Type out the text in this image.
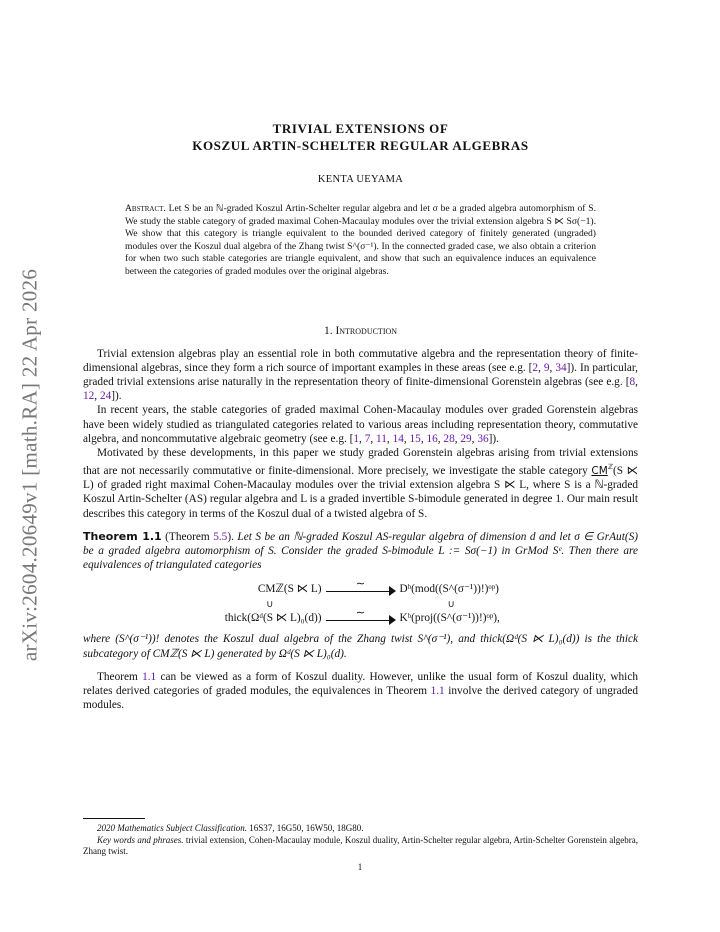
arXiv:2604.20649v1 [math.RA] 22 Apr 2026
TRIVIAL EXTENSIONS OF
KOSZUL ARTIN-SCHELTER REGULAR ALGEBRAS
KENTA UEYAMA
Abstract. Let S be an ℕ-graded Koszul Artin-Schelter regular algebra and let σ be a graded algebra automorphism of S. We study the stable category of graded maximal Cohen-Macaulay modules over the trivial extension algebra S ⋉ Sσ(−1). We show that this category is triangle equivalent to the bounded derived category of finitely generated (ungraded) modules over the Koszul dual algebra of the Zhang twist S^(σ⁻¹). In the connected graded case, we also obtain a criterion for when two such stable categories are triangle equivalent, and show that such an equivalence induces an equivalence between the categories of graded modules over the original algebras.
1. Introduction

Trivial extension algebras play an essential role in both commutative algebra and the representation theory of finite-dimensional algebras, since they form a rich source of important examples in these areas (see e.g. [2, 9, 34]). In particular, graded trivial extensions arise naturally in the representation theory of finite-dimensional Gorenstein algebras (see e.g. [8, 12, 24]).

In recent years, the stable categories of graded maximal Cohen-Macaulay modules over graded Gorenstein algebras have been widely studied as triangulated categories related to various areas including representation theory, commutative algebra, and noncommutative algebraic geometry (see e.g. [1, 7, 11, 14, 15, 16, 28, 29, 36]).

Motivated by these developments, in this paper we study graded Gorenstein algebras arising from trivial extensions that are not necessarily commutative or finite-dimensional. More precisely, we investigate the stable category $CM^ℤ(S$ ⋉ L) of graded right maximal Cohen-Macaulay modules over the trivial extension algebra S ⋉ L, where S is a ℕ-graded Koszul Artin-Schelter (AS) regular algebra and L is a graded invertible S-bimodule generated in degree 1. Our main result describes this category in terms of the Koszul dual of a twisted algebra of S.

Theorem 1.1 (Theorem 5.5). Let S be an ℕ-graded Koszul AS-regular algebra of dimension d and let σ ∈ GrAut(S) be a graded algebra automorphism of S. Consider the graded S-bimodule L := Sσ(−1) in GrMod Sᵉ. Then there are equivalences of triangulated categories
CMℤ(S ⋉ L)	∼	Dᵇ(mod((S^(σ⁻¹))!)ᵒᵖ)
∪	∪
thick(Ωᵈ(S ⋉ L)₀(d))	∼	Kᵇ(proj((S^(σ⁻¹))!)ᵒᵖ),
where (S^(σ⁻¹))! denotes the Koszul dual algebra of the Zhang twist S^(σ⁻¹), and thick(Ωᵈ(S ⋉ L)₀(d)) is the thick subcategory of CMℤ(S ⋉ L) generated by Ωᵈ(S ⋉ L)₀(d).

Theorem 1.1 can be viewed as a form of Koszul duality. However, unlike the usual form of Koszul duality, which relates derived categories of graded modules, the equivalences in Theorem 1.1 involve the derived category of ungraded modules.

2020 Mathematics Subject Classification. 16S37, 16G50, 16W50, 18G80.
Key words and phrases. trivial extension, Cohen-Macaulay module, Koszul duality, Artin-Schelter regular algebra, Artin-Schelter Gorenstein algebra, Zhang twist.
1
